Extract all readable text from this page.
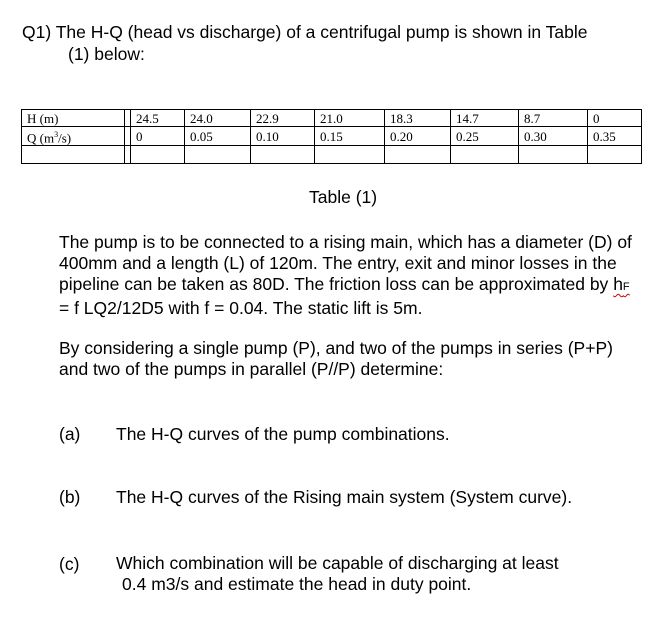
Q1) The H-Q (head vs discharge) of a centrifugal pump is shown in Table
(1) below:
H (m)		24.5	24.0	22.9	21.0	18.3	14.7	8.7	0
Q $(m^3/s)$		0	0.05	0.10	0.15	0.20	0.25	0.30	0.35

Table (1)
The pump is to be connected to a rising main, which has a diameter (D) of 400mm and a length (L) of 120m. The entry, exit and minor losses in the pipeline can be taken as 80D. The friction loss can be approximated by hF = f LQ2/12D5 with f = 0.04. The static lift is 5m.
By considering a single pump (P), and two of the pumps in series (P+P) and two of the pumps in parallel (P//P) determine:
(a) The H-Q curves of the pump combinations.
(b) The H-Q curves of the Rising main system (System curve).
(c) Which combination will be capable of discharging at least
0.4 m3/s and estimate the head in duty point.
